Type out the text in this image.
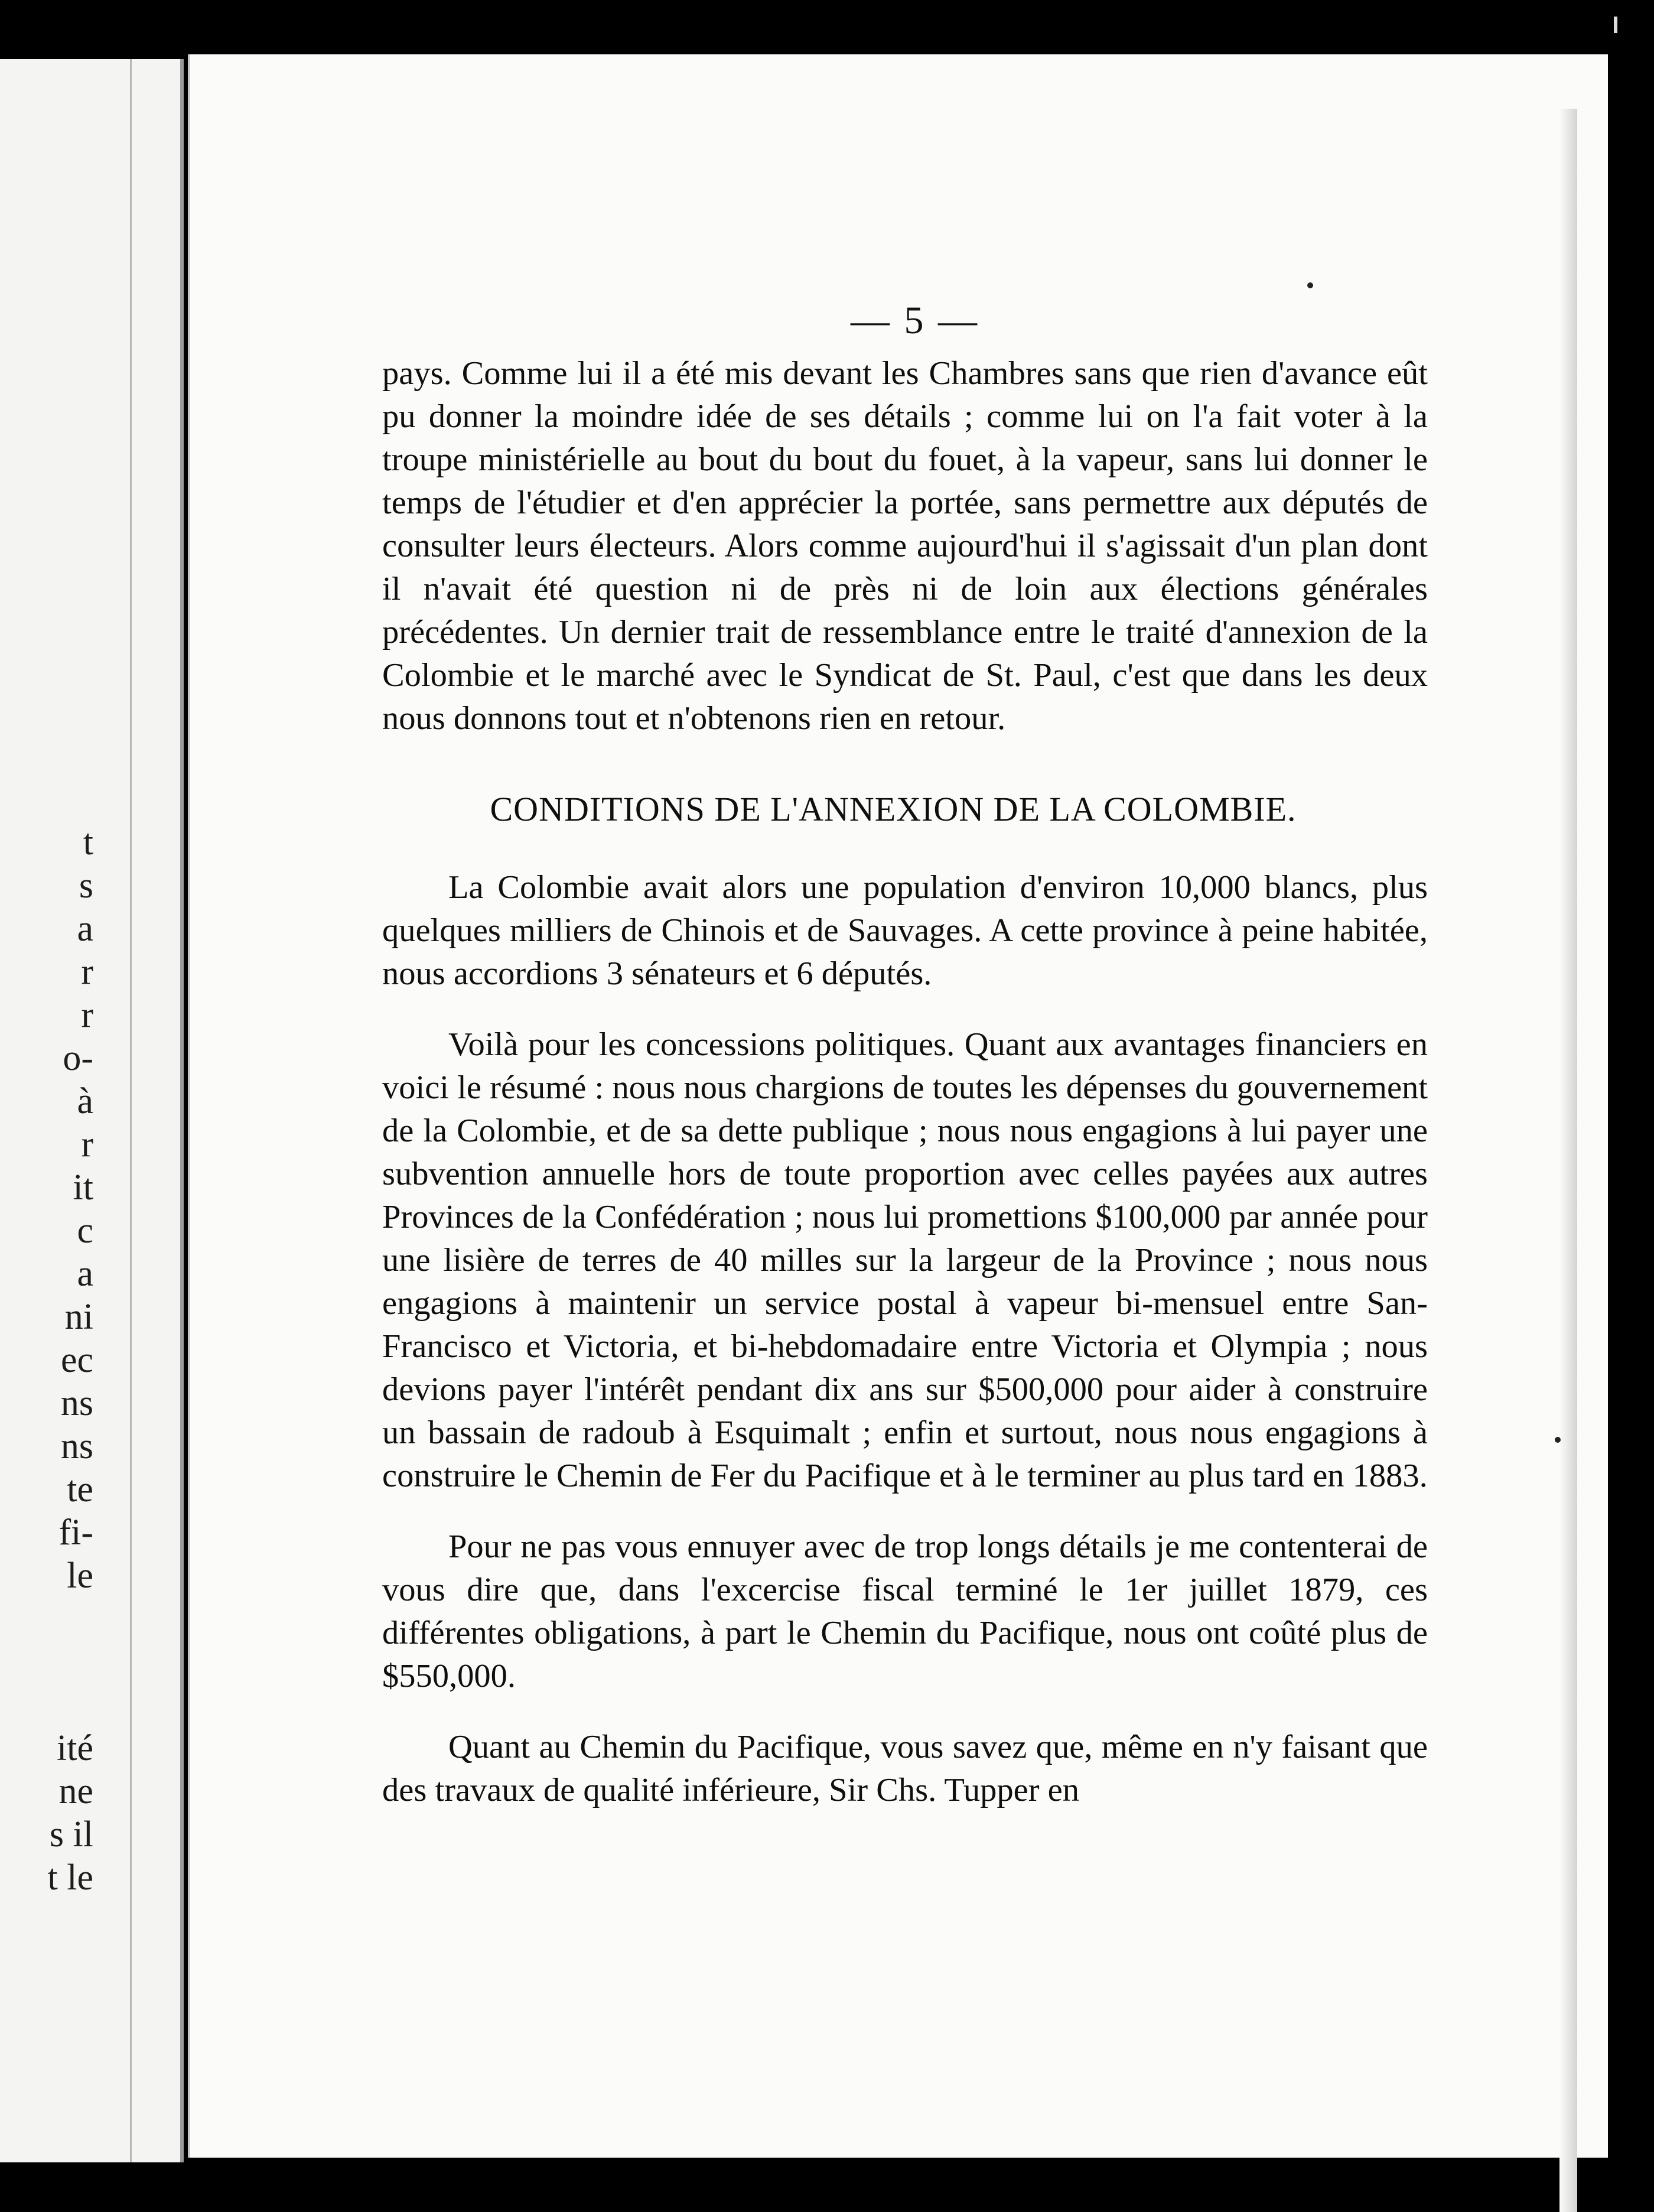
t
s
a
r
r
o-
à
r
it
c
a
ni
ec
ns
ns
te
fi-
le
ité
ne
s il
t le
— 5 —

pays. Comme lui il a été mis devant les Chambres sans que rien d'avance eût pu donner la moindre idée de ses détails ; comme lui on l'a fait voter à la troupe ministérielle au bout du bout du fouet, à la vapeur, sans lui donner le temps de l'étudier et d'en apprécier la portée, sans permettre aux députés de consulter leurs électeurs. Alors comme aujourd'hui il s'agissait d'un plan dont il n'avait été question ni de près ni de loin aux élections générales précédentes. Un dernier trait de ressemblance entre le traité d'annexion de la Colombie et le marché avec le Syndicat de St. Paul, c'est que dans les deux nous donnons tout et n'obtenons rien en retour.

CONDITIONS DE L'ANNEXION DE LA COLOMBIE.

La Colombie avait alors une population d'environ 10,000 blancs, plus quelques milliers de Chinois et de Sauvages. A cette province à peine habitée, nous accordions 3 sénateurs et 6 députés.

Voilà pour les concessions politiques. Quant aux avantages financiers en voici le résumé : nous nous chargions de toutes les dépenses du gouvernement de la Colombie, et de sa dette publique ; nous nous engagions à lui payer une subvention annuelle hors de toute proportion avec celles payées aux autres Provinces de la Confédération ; nous lui promettions $100,000 par année pour une lisière de terres de 40 milles sur la largeur de la Province ; nous nous engagions à maintenir un service postal à vapeur bi-mensuel entre San-Francisco et Victoria, et bi-hebdomadaire entre Victoria et Olympia ; nous devions payer l'intérêt pendant dix ans sur $500,000 pour aider à construire un bassain de radoub à Esquimalt ; enfin et surtout, nous nous engagions à construire le Chemin de Fer du Pacifique et à le terminer au plus tard en 1883.

Pour ne pas vous ennuyer avec de trop longs détails je me contenterai de vous dire que, dans l'excercise fiscal terminé le 1er juillet 1879, ces différentes obligations, à part le Chemin du Pacifique, nous ont coûté plus de $550,000.

Quant au Chemin du Pacifique, vous savez que, même en n'y faisant que des travaux de qualité inférieure, Sir Chs. Tupper en
